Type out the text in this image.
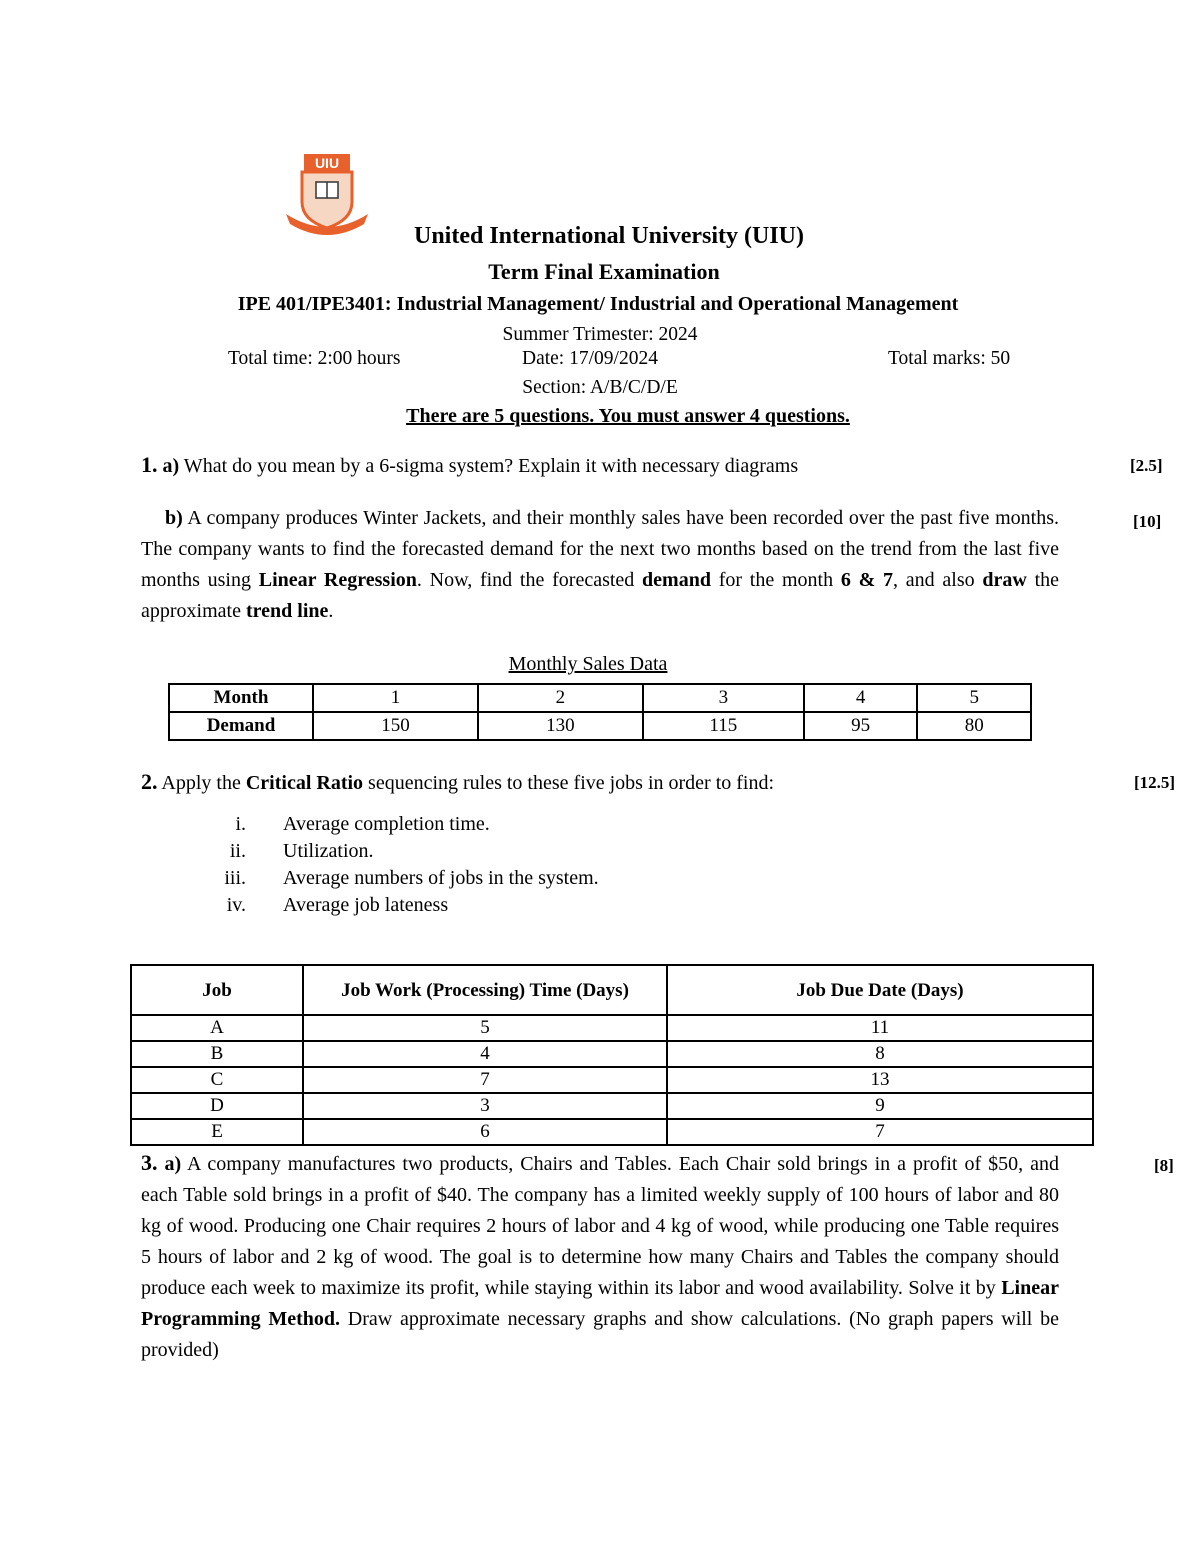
UIU
United International University (UIU)
Term Final Examination
IPE 401/IPE3401: Industrial Management/ Industrial and Operational Management
Summer Trimester: 2024
Total time: 2:00 hours	Date: 17/09/2024	Total marks: 50
Section: A/B/C/D/E
There are 5 questions. You must answer 4 questions.
1. a) What do you mean by a 6-sigma system? Explain it with necessary diagrams	[2.5]
b) A company produces Winter Jackets, and their monthly sales have been recorded over the past five months. The company wants to find the forecasted demand for the next two months based on the trend from the last five months using Linear Regression. Now, find the forecasted demand for the month 6 & 7, and also draw the approximate trend line.
[10]
Monthly Sales Data
Month	1	2	3	4	5
Demand	150	130	115	95	80
2. Apply the Critical Ratio sequencing rules to these five jobs in order to find:	[12.5]
i. Average completion time.
ii. Utilization.
iii. Average numbers of jobs in the system.
iv. Average job lateness
Job	Job Work (Processing) Time (Days)	Job Due Date (Days)
A	5	11
B	4	8
C	7	13
D	3	9
E	6	7
3. a) A company manufactures two products, Chairs and Tables. Each Chair sold brings in a profit of $50, and each Table sold brings in a profit of $40. The company has a limited weekly supply of 100 hours of labor and 80 kg of wood. Producing one Chair requires 2 hours of labor and 4 kg of wood, while producing one Table requires 5 hours of labor and 2 kg of wood. The goal is to determine how many Chairs and Tables the company should produce each week to maximize its profit, while staying within its labor and wood availability. Solve it by Linear Programming Method. Draw approximate necessary graphs and show calculations. (No graph papers will be provided)
[8]
